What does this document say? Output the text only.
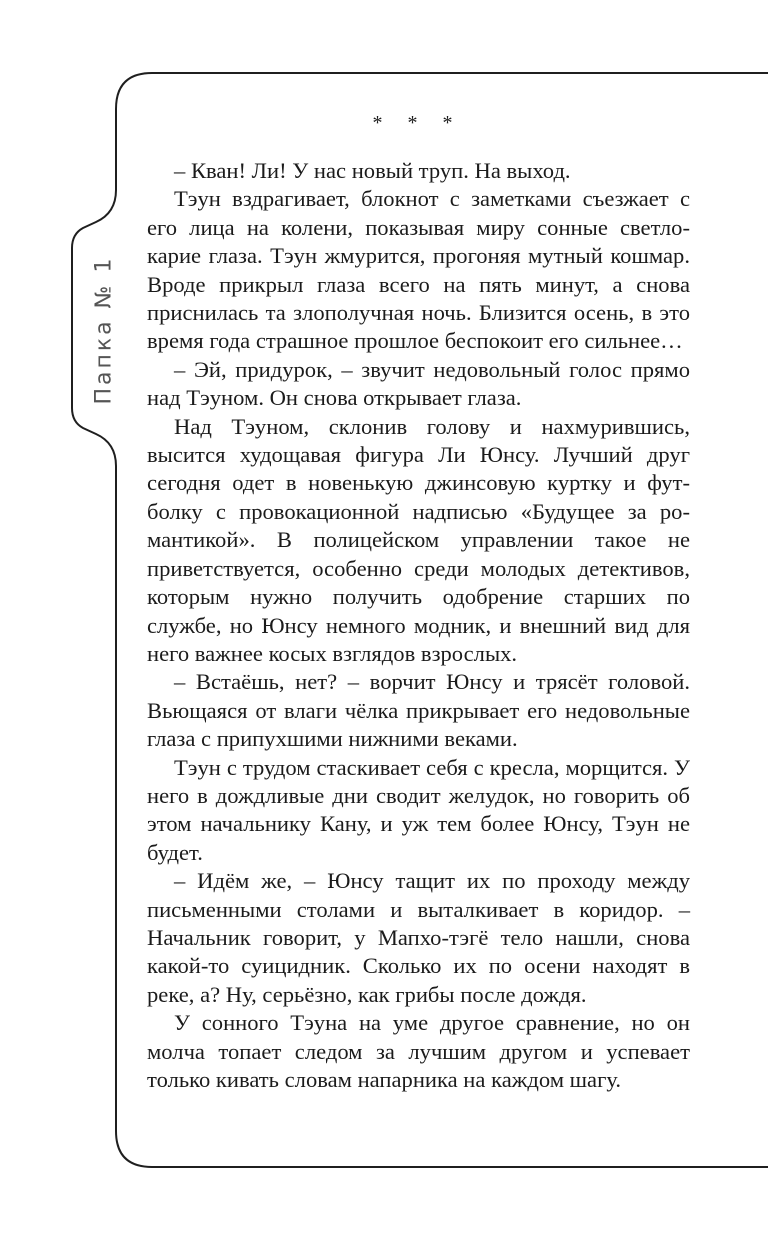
Папка № 1
* * *

– Кван! Ли! У нас новый труп. На выход.

Тэун вздрагивает, блокнот с заметками съезжает с его лица на колени, показывая миру сонные светло-карие глаза. Тэун жмурится, прогоняя мутный кошмар. Вроде прикрыл глаза всего на пять минут, а снова приснилась та злополучная ночь. Близится осень, в это время года страшное прошлое беспокоит его сильнее…

– Эй, придурок, – звучит недовольный голос прямо над Тэуном. Он снова открывает глаза.

Над Тэуном, склонив голову и нахмурившись, высится худощавая фигура Ли Юнсу. Лучший друг сегодня одет в новенькую джинсовую куртку и футболку с провокационной надписью «Будущее за романтикой». В полицейском управлении такое не приветствуется, особенно среди молодых детективов, которым нужно получить одобрение старших по службе, но Юнсу немного модник, и внешний вид для него важнее косых взглядов взрослых.

– Встаёшь, нет? – ворчит Юнсу и трясёт головой. Вьющаяся от влаги чёлка прикрывает его недовольные глаза с припухшими нижними веками.

Тэун с трудом стаскивает себя с кресла, морщится. У него в дождливые дни сводит желудок, но говорить об этом начальнику Кану, и уж тем более Юнсу, Тэун не будет.

– Идём же, – Юнсу тащит их по проходу между письменными столами и выталкивает в коридор. – Начальник говорит, у Мапхо-тэгё тело нашли, снова какой-то суицидник. Сколько их по осени находят в реке, а? Ну, серьёзно, как грибы после дождя.

У сонного Тэуна на уме другое сравнение, но он молча топает следом за лучшим другом и успевает только кивать словам напарника на каждом шагу.
